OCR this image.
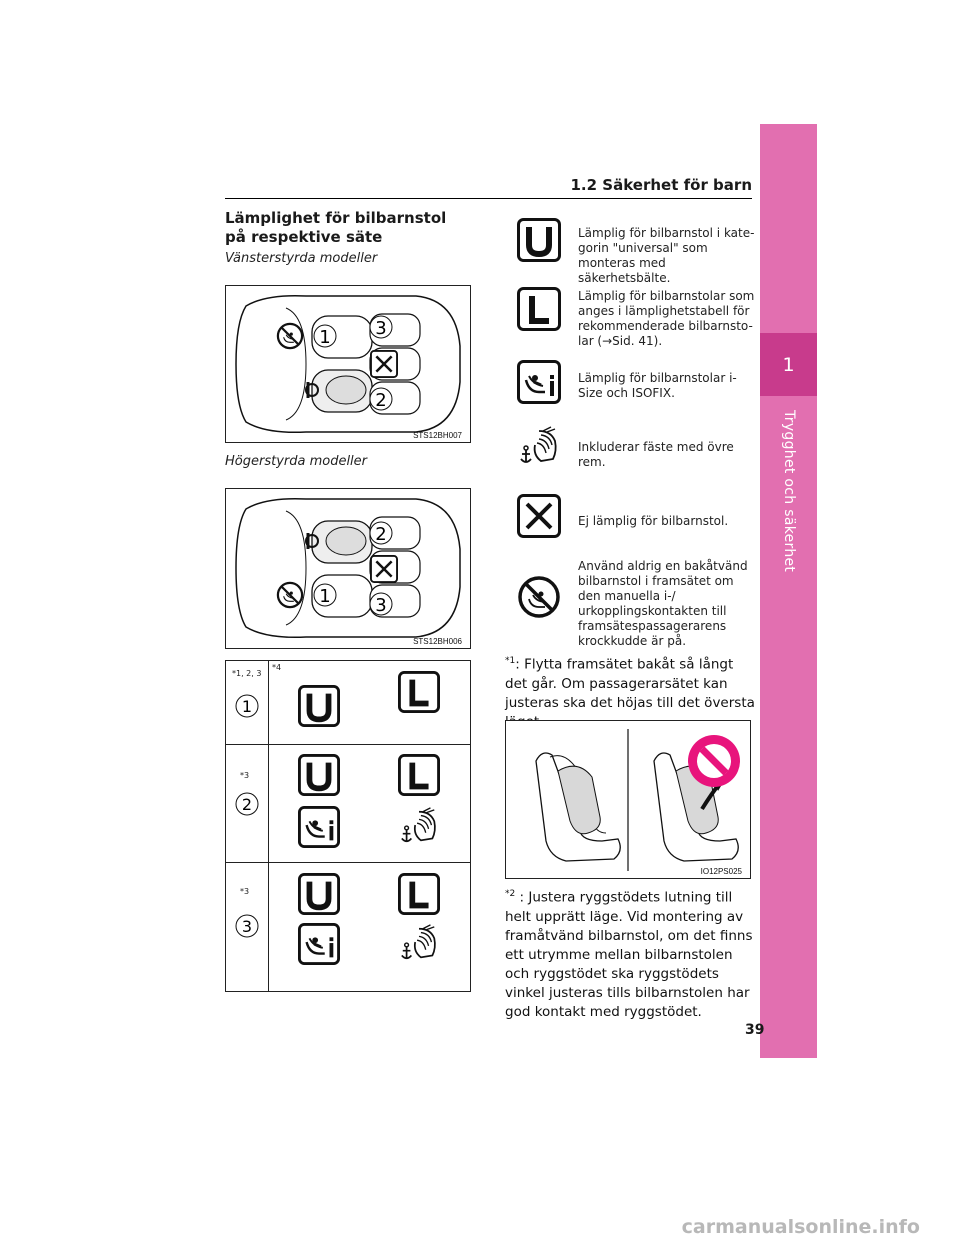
1.2 Säkerhet för barn
1
Trygghet och säkerhet
Lämplighet för bilbarnstol på respektive säte
Vänsterstyrda modeller
1 3
2
STS12BH007
Högerstyrda modeller
1
2
3
STS12BH006
*1, 2, 3
*4
1
*3
2
*3
3
Lämplig för bilbarnstol i kate-gorin "universal" som monteras med säkerhetsbälte.
Lämplig för bilbarnstolar som anges i lämplighetstabell för rekommenderade bilbarnsto-lar (→Sid. 41).
Lämplig för bilbarnstolar i-Size och ISOFIX.
Inkluderar fäste med övre rem.
Ej lämplig för bilbarnstol.
Använd aldrig en bakåtvänd bilbarnstol i framsätet om den manuella i-/ urkopplingskontakten till framsätespassagerarens krockkudde är på.
$^{*1}$: Flytta framsätet bakåt så långt det går. Om passagerarsätet kan justeras ska det höjas till det översta
IO12PS025
$^{*2}$ : Justera ryggstödets lutning till helt upprätt läge. Vid montering av framåtvänd bilbarnstol, om det finns ett utrymme mellan bilbarnstolen och ryggstödet ska ryggstödets vinkel justeras tills bilbarnstolen har god kontakt med ryggstödet.
39
carmanualsonline.info
